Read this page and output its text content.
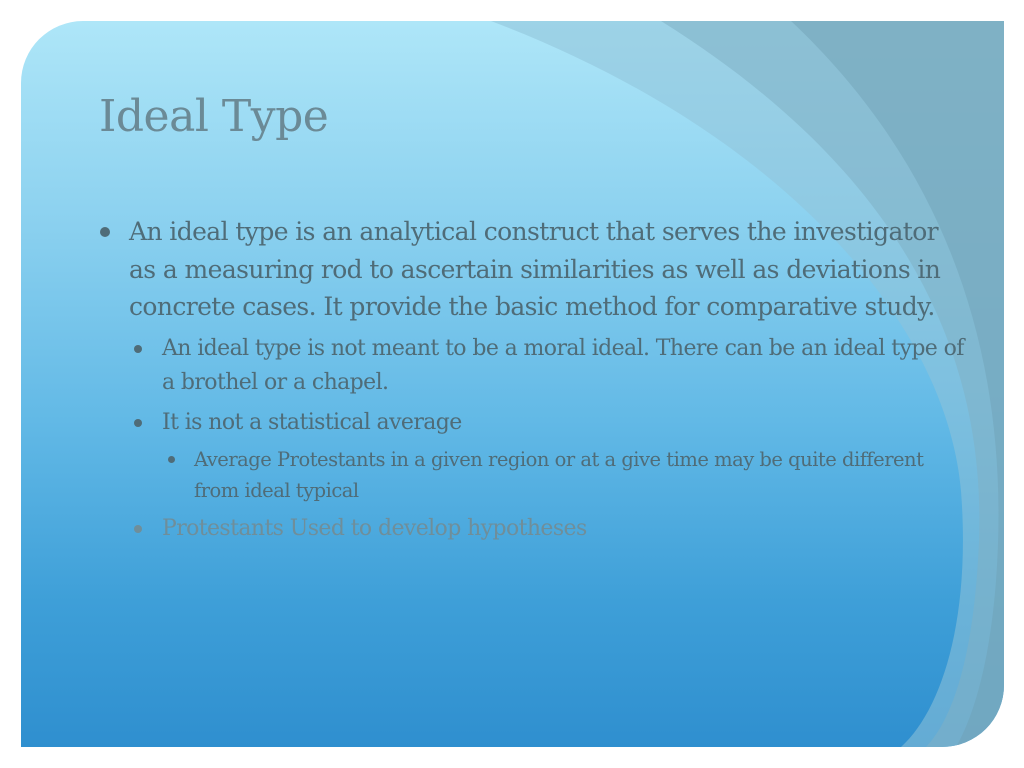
Ideal Type

An ideal type is an analytical construct that serves the investigator as a measuring rod to ascertain similarities as well as deviations in concrete cases. It provide the basic method for comparative study.

An ideal type is not meant to be a moral ideal. There can be an ideal type of a brothel or a chapel.

It is not a statistical average

Average Protestants in a given region or at a give time may be quite different from ideal typical

Protestants Used to develop hypotheses
